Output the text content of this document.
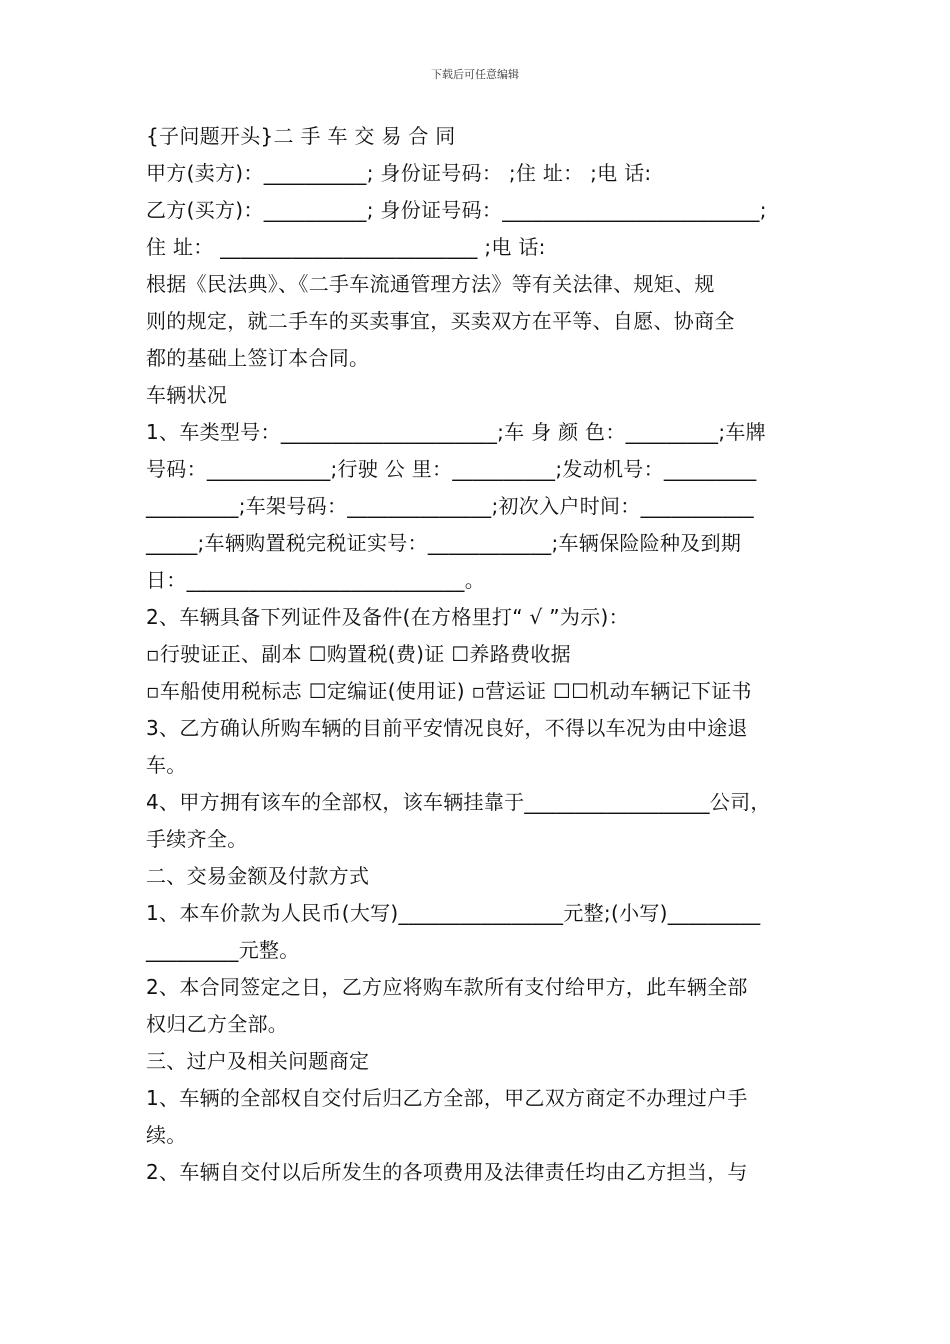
下载后可任意编辑
{子问题开头}二 手 车 交 易 合 同
甲方(卖方)：__________; 身份证号码： ;住 址： ;电 话:
乙方(买方)：__________; 身份证号码：_________________________;
住 址： _________________________ ;电 话:
根据《民法典》、《二手车流通管理方法》等有关法律、规矩、规
则的规定，就二手车的买卖事宜，买卖双方在平等、自愿、协商全
都的基础上签订本合同。
车辆状况
1、车类型号：_____________________;车 身 颜 色：_________;车牌
号码：____________;行驶 公 里：__________;发动机号：_________
_________;车架号码：______________;初次入户时间：___________
_____;车辆购置税完税证实号：____________;车辆保险险种及到期
日：___________________________。
2、车辆具备下列证件及备件(在方格里打“ √ ”为示)：
▫行驶证正、副本 ☐购置税(费)证 ☐养路费收据
▫车船使用税标志 ☐定编证(使用证) ▫营运证 ☐☐机动车辆记下证书
3、乙方确认所购车辆的目前平安情况良好，不得以车况为由中途退
车。
4、甲方拥有该车的全部权，该车辆挂靠于__________________公司，
手续齐全。
二、交易金额及付款方式
1、本车价款为人民币(大写)________________元整;(小写)_________
_________元整。
2、本合同签定之日，乙方应将购车款所有支付给甲方，此车辆全部
权归乙方全部。
三、过户及相关问题商定
1、车辆的全部权自交付后归乙方全部，甲乙双方商定不办理过户手
续。
2、车辆自交付以后所发生的各项费用及法律责任均由乙方担当，与
